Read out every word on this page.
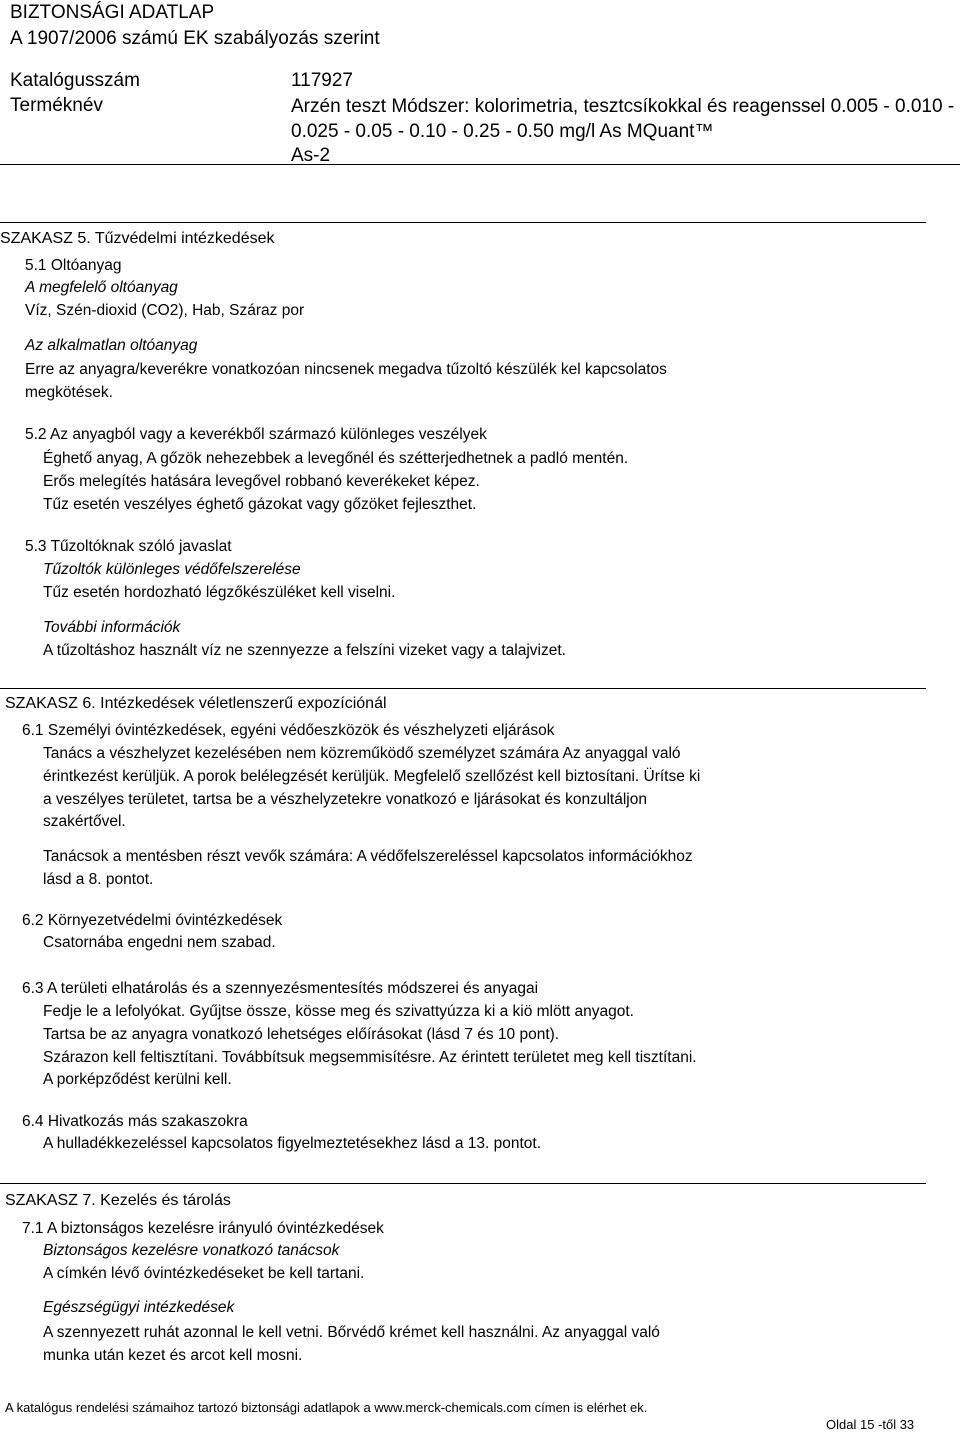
BIZTONSÁGI ADATLAP
A 1907/2006 számú EK szabályozás szerint
Katalógusszám	117927
Terméknév	Arzén teszt Módszer: kolorimetria, tesztcsíkokkal és reagenssel 0.005 - 0.010 -
0.025 - 0.05 - 0.10 - 0.25 - 0.50 mg/l As MQuant™
As-2
SZAKASZ 5. Tűzvédelmi intézkedések
5.1 Oltóanyag
A megfelelő oltóanyag
Víz, Szén-dioxid (CO2), Hab, Száraz por
Az alkalmatlan oltóanyag
Erre az anyagra/keverékre vonatkozóan nincsenek megadva tűzoltó készülék kel kapcsolatos
megkötések.
5.2 Az anyagból vagy a keverékből származó különleges veszélyek
Éghető anyag, A gőzök nehezebbek a levegőnél és szétterjedhetnek a padló mentén.
Erős melegítés hatására levegővel robbanó keverékeket képez.
Tűz esetén veszélyes éghető gázokat vagy gőzöket fejleszthet.
5.3 Tűzoltóknak szóló javaslat
Tűzoltók különleges védőfelszerelése
Tűz esetén hordozható légzőkészüléket kell viselni.
További információk
A tűzoltáshoz használt víz ne szennyezze a felszíni vizeket vagy a talajvizet.
SZAKASZ 6. Intézkedések véletlenszerű expozíciónál
6.1 Személyi óvintézkedések, egyéni védőeszközök és vészhelyzeti eljárások
Tanács a vészhelyzet kezelésében nem közreműködő személyzet számára Az anyaggal való
érintkezést kerüljük. A porok belélegzését kerüljük. Megfelelő szellőzést kell biztosítani. Ürítse ki
a veszélyes területet, tartsa be a vészhelyzetekre vonatkozó e ljárásokat és konzultáljon
szakértővel.
Tanácsok a mentésben részt vevők számára: A védőfelszereléssel kapcsolatos információkhoz
lásd a 8. pontot.
6.2 Környezetvédelmi óvintézkedések
Csatornába engedni nem szabad.
6.3 A területi elhatárolás és a szennyezésmentesítés módszerei és anyagai
Fedje le a lefolyókat. Gyűjtse össze, kösse meg és szivattyúzza ki a kiö mlött anyagot.
Tartsa be az anyagra vonatkozó lehetséges előírásokat (lásd 7 és 10 pont).
Szárazon kell feltisztítani. Továbbítsuk megsemmisítésre. Az érintett területet meg kell tisztítani.
A porképződést kerülni kell.
6.4 Hivatkozás más szakaszokra
A hulladékkezeléssel kapcsolatos figyelmeztetésekhez lásd a 13. pontot.
SZAKASZ 7. Kezelés és tárolás
7.1 A biztonságos kezelésre irányuló óvintézkedések
Biztonságos kezelésre vonatkozó tanácsok
A címkén lévő óvintézkedéseket be kell tartani.
Egészségügyi intézkedések
A szennyezett ruhát azonnal le kell vetni. Bőrvédő krémet kell használni. Az anyaggal való
munka után kezet és arcot kell mosni.
A katalógus rendelési számaihoz tartozó biztonsági adatlapok a www.merck-chemicals.com címen is elérhet ek.
Oldal 15 -től 33
